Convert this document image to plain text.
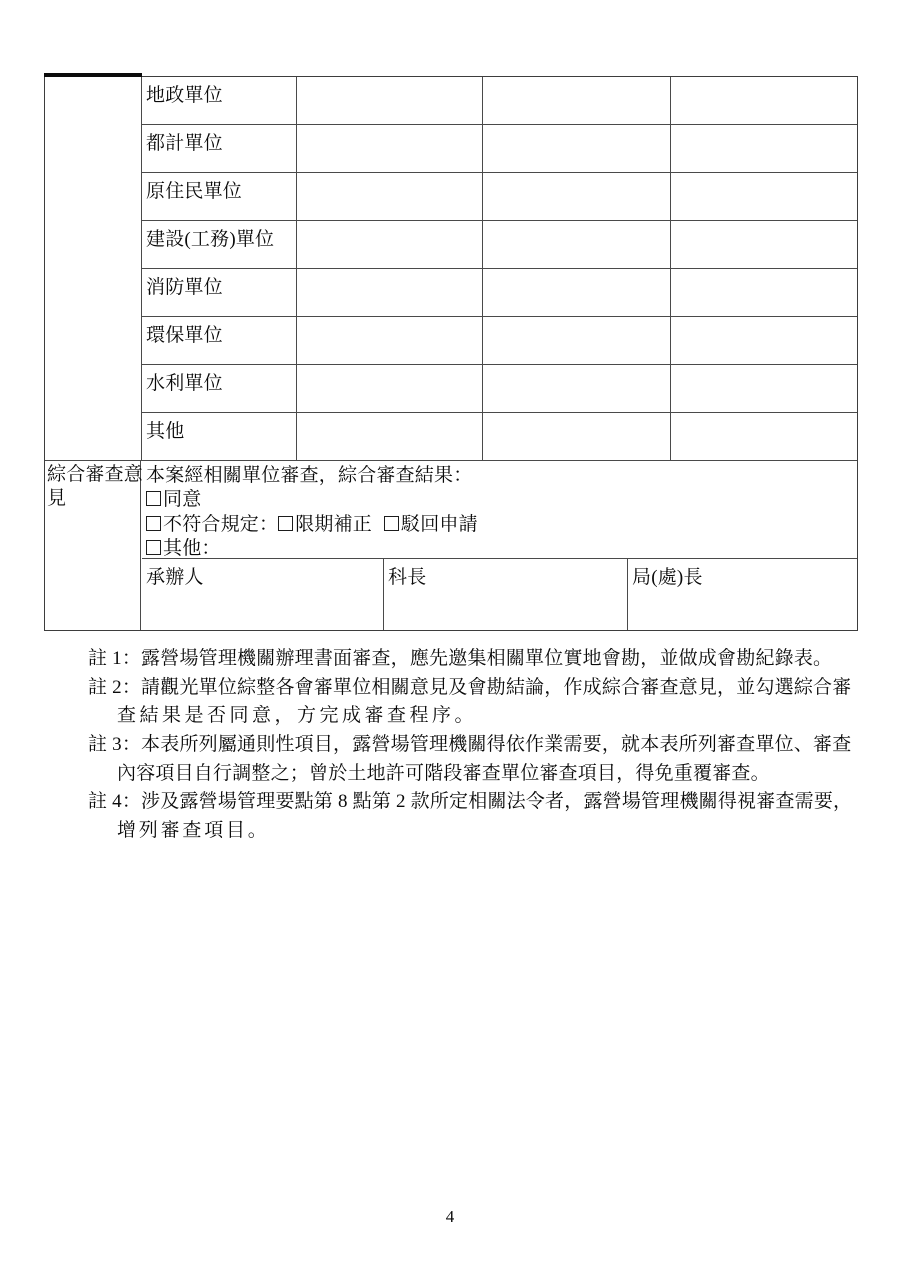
地政單位
都計單位
原住民單位
建設(工務)單位
消防單位
環保單位
水利單位
其他
綜合審查意
見
本案經相關單位審查，綜合審查結果：
同意
不符合規定： 限期補正 駁回申請
其他：
承辦人	科長	局(處)長
註 1：露營場管理機關辦理書面審查，應先邀集相關單位實地會勘，並做成會勘紀錄表。
註 2：請觀光單位綜整各會審單位相關意見及會勘結論，作成綜合審查意見，並勾選綜合審
查結果是否同意，方完成審查程序。
註 3：本表所列屬通則性項目，露營場管理機關得依作業需要，就本表所列審查單位、審查
內容項目自行調整之；曾於土地許可階段審查單位審查項目，得免重覆審查。
註 4：涉及露營場管理要點第 8 點第 2 款所定相關法令者，露營場管理機關得視審查需要，
增列審查項目。
4
